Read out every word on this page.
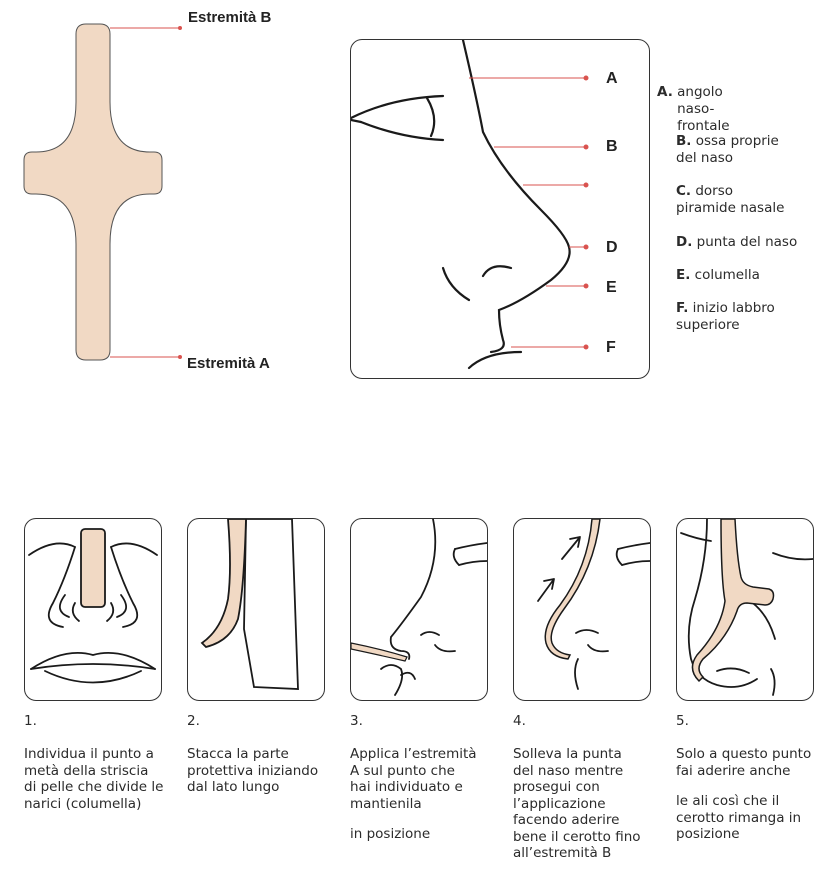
Estremità B
Estremità A
A
B
D
E
F
A. angolo naso-frontale
B. ossa proprie del naso
C. dorso piramide nasale
D. punta del naso
E. columella
F. inizio labbro superiore
1.

Individua il punto a metà della striscia di pelle che divide le narici (columella)

2.

Stacca la parte protettiva iniziando dal lato lungo

3.

Applica l’estremità A sul punto che hai individuato e mantienila

in posizione

4.

Solleva la punta del naso mentre prosegui con l’applicazione facendo aderire bene il cerotto fino all’estremità B

5.

Solo a questo punto fai aderire anche

le ali così che il cerotto rimanga in posizione
